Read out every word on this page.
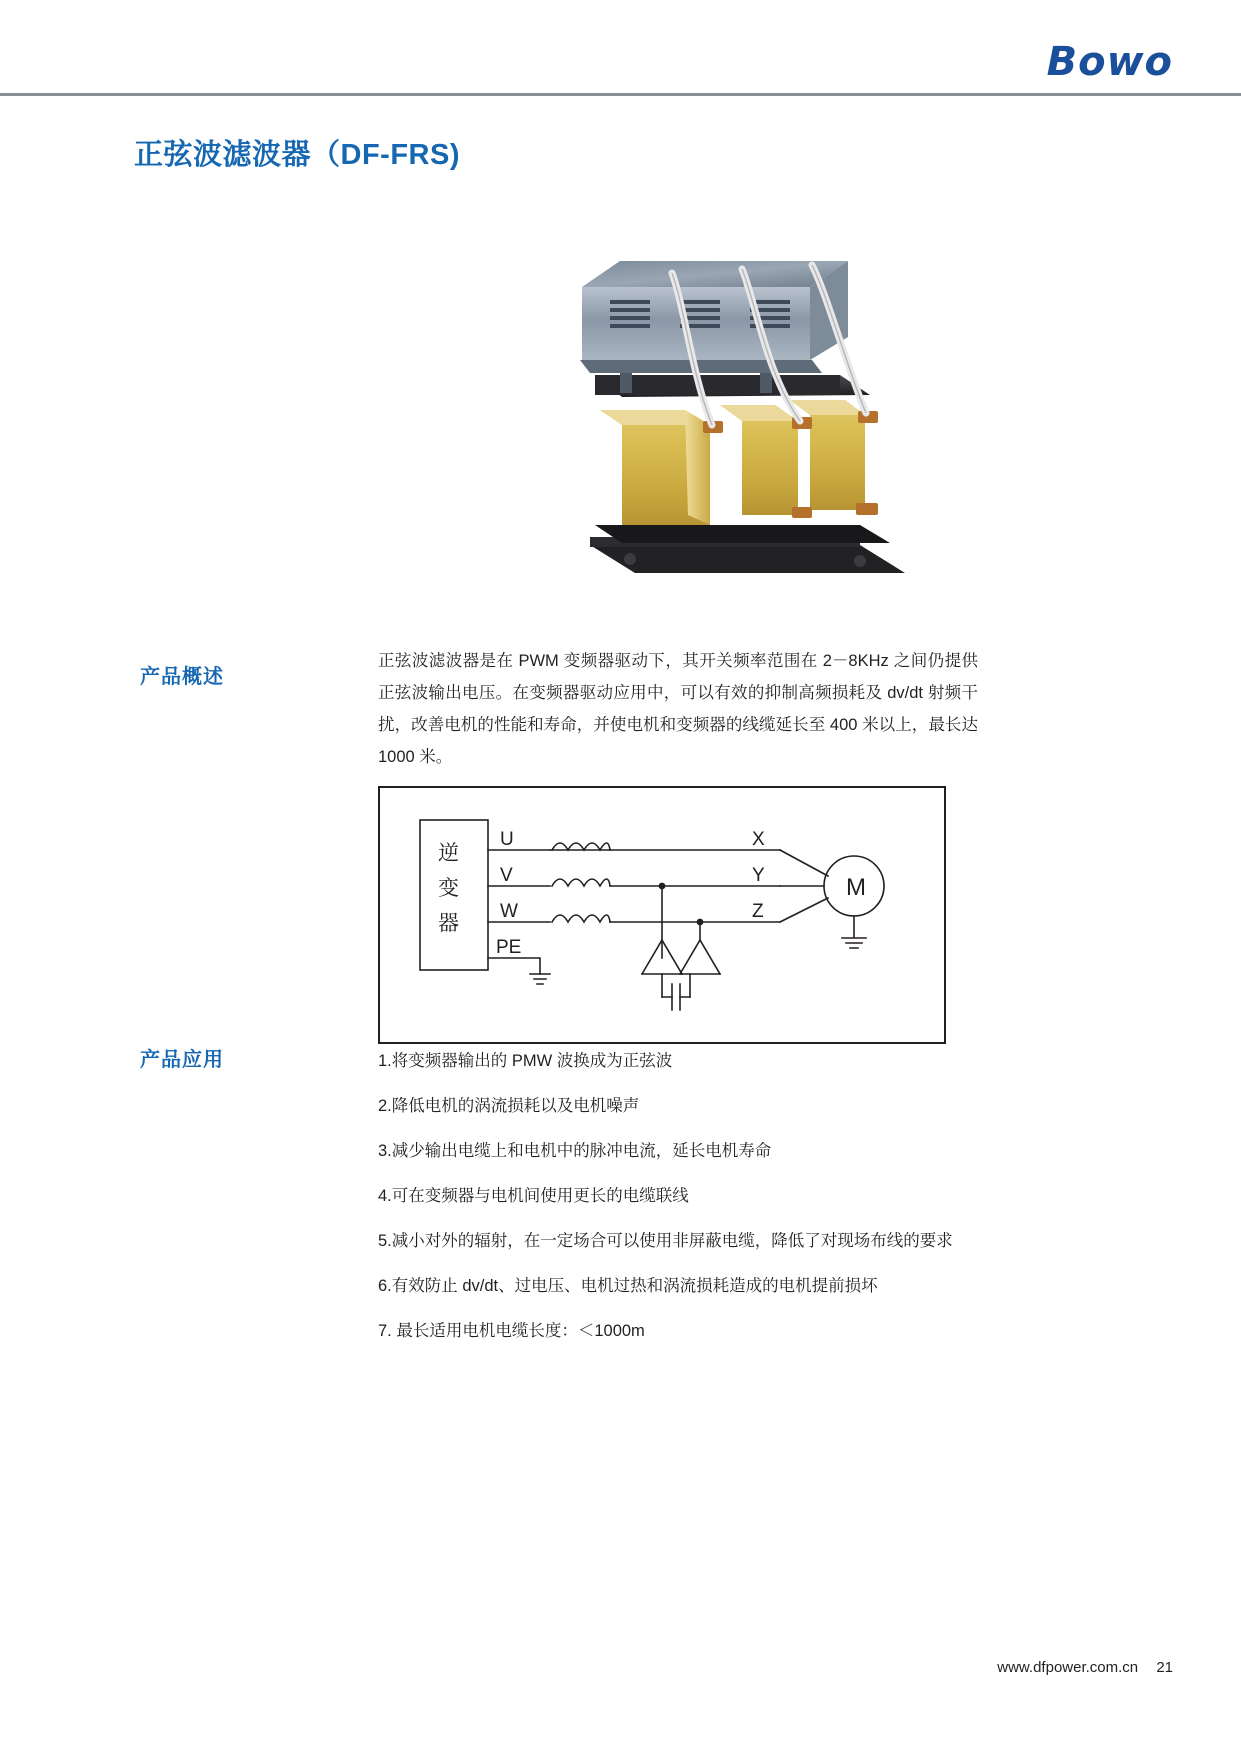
Bowo
正弦波滤波器（DF-FRS)
产品概述
正弦波滤波器是在 PWM 变频器驱动下，其开关频率范围在 2－8KHz 之间仍提供正弦波输出电压。在变频器驱动应用中，可以有效的抑制高频损耗及 dv/dt 射频干扰，改善电机的性能和寿命，并使电机和变频器的线缆延长至 400 米以上，最长达 1000 米。
逆
变
器
U
V
W
PE
X
Y
Z
M
产品应用	1.将变频器输出的 PMW 波换成为正弦波
2.降低电机的涡流损耗以及电机噪声
3.减少输出电缆上和电机中的脉冲电流，延长电机寿命
4.可在变频器与电机间使用更长的电缆联线
5.减小对外的辐射，在一定场合可以使用非屏蔽电缆，降低了对现场布线的要求
6.有效防止 dv/dt、过电压、电机过热和涡流损耗造成的电机提前损坏
7. 最长适用电机电缆长度：＜1000m
www.dfpower.com.cn 21
